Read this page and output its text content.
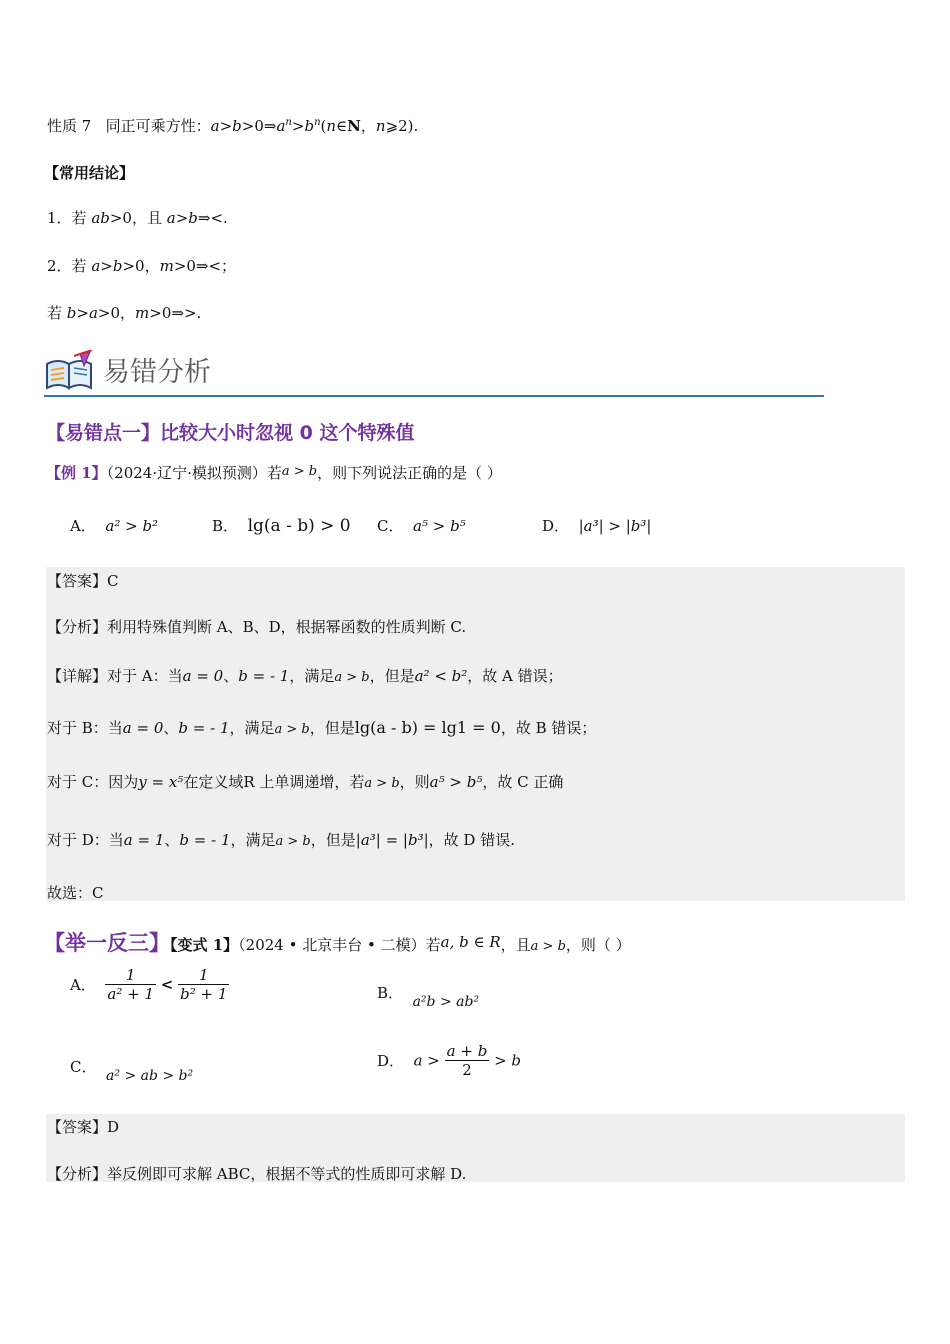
性质 7 同正可乘方性：$a>b>0\Rightarrow a^n>b^n(n\in N$，n⩾2).
【常用结论】
1．若 ab>0，且 a>b⇒<.
2．若 a>b>0，m>0⇒<；
若 b>a>0，m>0⇒>.
易错分析
【易错点一】比较大小时忽视 0 这个特殊值
【例 1】（2024·辽宁·模拟预测）若a > b，则下列说法正确的是（ ）
A． a² > b²	B． lg(a - b) > 0 C． a⁵ > b⁵	D． |a³| > |b³|
【答案】C
【分析】利用特殊值判断 A、B、D，根据幂函数的性质判断 C.
【详解】对于 A：当a = 0、b = - 1，满足a > b，但是a² < b²，故 A 错误；
对于 B：当a = 0、b = - 1，满足a > b，但是lg(a - b) = lg1 = 0，故 B 错误；
对于 C：因为y = x⁵在定义域R 上单调递增，若a > b，则a⁵ > b⁵，故 C 正确
对于 D：当a = 1、b = - 1，满足a > b，但是|a³| = |b³|，故 D 错误.
故选：C
【举一反三】【变式 1】（2024 • 北京丰台 • 二模）若a, b ∈ R，且a > b，则（ ）
A． $\frac{1}{\text{a² + 1}} < \frac{1}{\text{b² + 1}}$	B． a²b > ab²
C． a² > ab > b²
D． $a > \frac{a + b}{2} > b$
【答案】D
【分析】举反例即可求解 ABC，根据不等式的性质即可求解 D.
